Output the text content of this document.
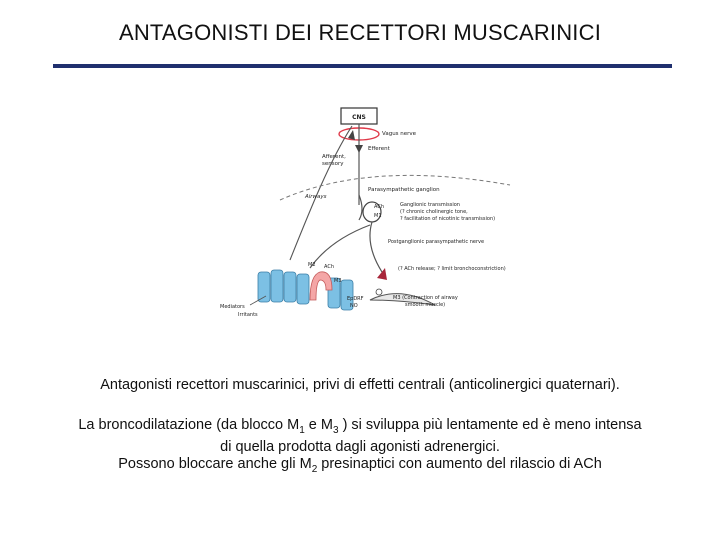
ANTAGONISTI DEI RECETTORI MUSCARINICI
CNS
Vagus nerve
Efferent
Afferent,
sensory
Airways
Parasympathetic ganglion
ACh
M1
Ganglionic transmission
(? chronic cholinergic tone,
? facilitation of nicotinic transmission)
Postganglionic parasympathetic nerve
(? ACh release; ? limit bronchoconstriction)
M3 (Contraction of airway
smooth muscle)
M2 ACh
M3
EpDRF
NO
Mediators
Irritants
Antagonisti recettori muscarinici, privi di effetti centrali (anticolinergici quaternari).
La broncodilatazione (da blocco $M_1$ e $M_3$ ) si sviluppa più lentamente ed è meno intensa
di quella prodotta dagli agonisti adrenergici.
Possono bloccare anche gli $M_2$ presinaptici con aumento del rilascio di ACh
